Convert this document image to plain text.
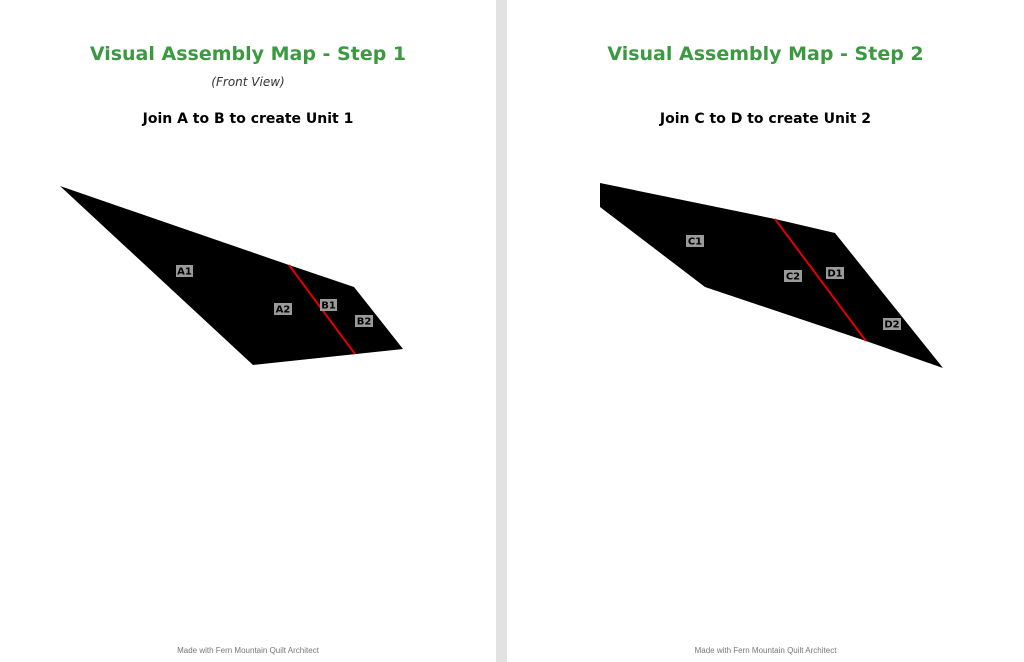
Visual Assembly Map - Step 1
(Front View)
Join A to B to create Unit 1
A1
A2	B1
B2
Made with Fern Mountain Quilt Architect
Visual Assembly Map - Step 2
Join C to D to create Unit 2
C1
C2	D1
D2
Made with Fern Mountain Quilt Architect
